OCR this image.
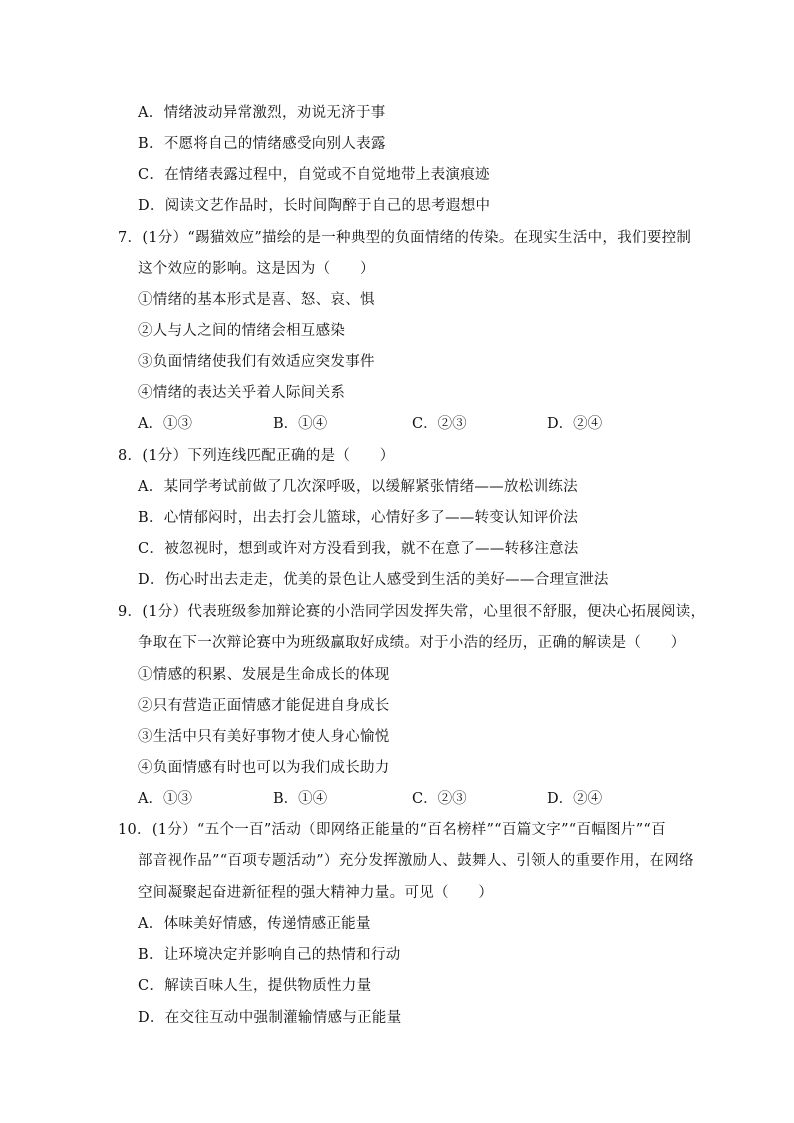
A．情绪波动异常激烈，劝说无济于事
B．不愿将自己的情绪感受向别人表露
C．在情绪表露过程中，自觉或不自觉地带上表演痕迹
D．阅读文艺作品时，长时间陶醉于自己的思考遐想中
7．(1分）“踢猫效应”描绘的是一种典型的负面情绪的传染。在现实生活中，我们要控制
这个效应的影响。这是因为（　　）
①情绪的基本形式是喜、怒、哀、惧
②人与人之间的情绪会相互感染
③负面情绪使我们有效适应突发事件
④情绪的表达关乎着人际间关系
A．①③	B．①④	C．②③	D．②④
8．(1分）下列连线匹配正确的是（　　）
A．某同学考试前做了几次深呼吸，以缓解紧张情绪——放松训练法
B．心情郁闷时，出去打会儿篮球，心情好多了——转变认知评价法
C．被忽视时，想到或许对方没看到我，就不在意了——转移注意法
D．伤心时出去走走，优美的景色让人感受到生活的美好——合理宣泄法
9．(1分）代表班级参加辩论赛的小浩同学因发挥失常，心里很不舒服，便决心拓展阅读，
争取在下一次辩论赛中为班级赢取好成绩。对于小浩的经历，正确的解读是（　　）
①情感的积累、发展是生命成长的体现
②只有营造正面情感才能促进自身成长
③生活中只有美好事物才使人身心愉悦
④负面情感有时也可以为我们成长助力
A．①③	B．①④	C．②③	D．②④
10．(1分）“五个一百”活动（即网络正能量的“百名榜样”“百篇文字”“百幅图片”“百
部音视作品”“百项专题活动”）充分发挥激励人、鼓舞人、引领人的重要作用，在网络
空间凝聚起奋进新征程的强大精神力量。可见（　　）
A．体味美好情感，传递情感正能量
B．让环境决定并影响自己的热情和行动
C．解读百味人生，提供物质性力量
D．在交往互动中强制灌输情感与正能量
